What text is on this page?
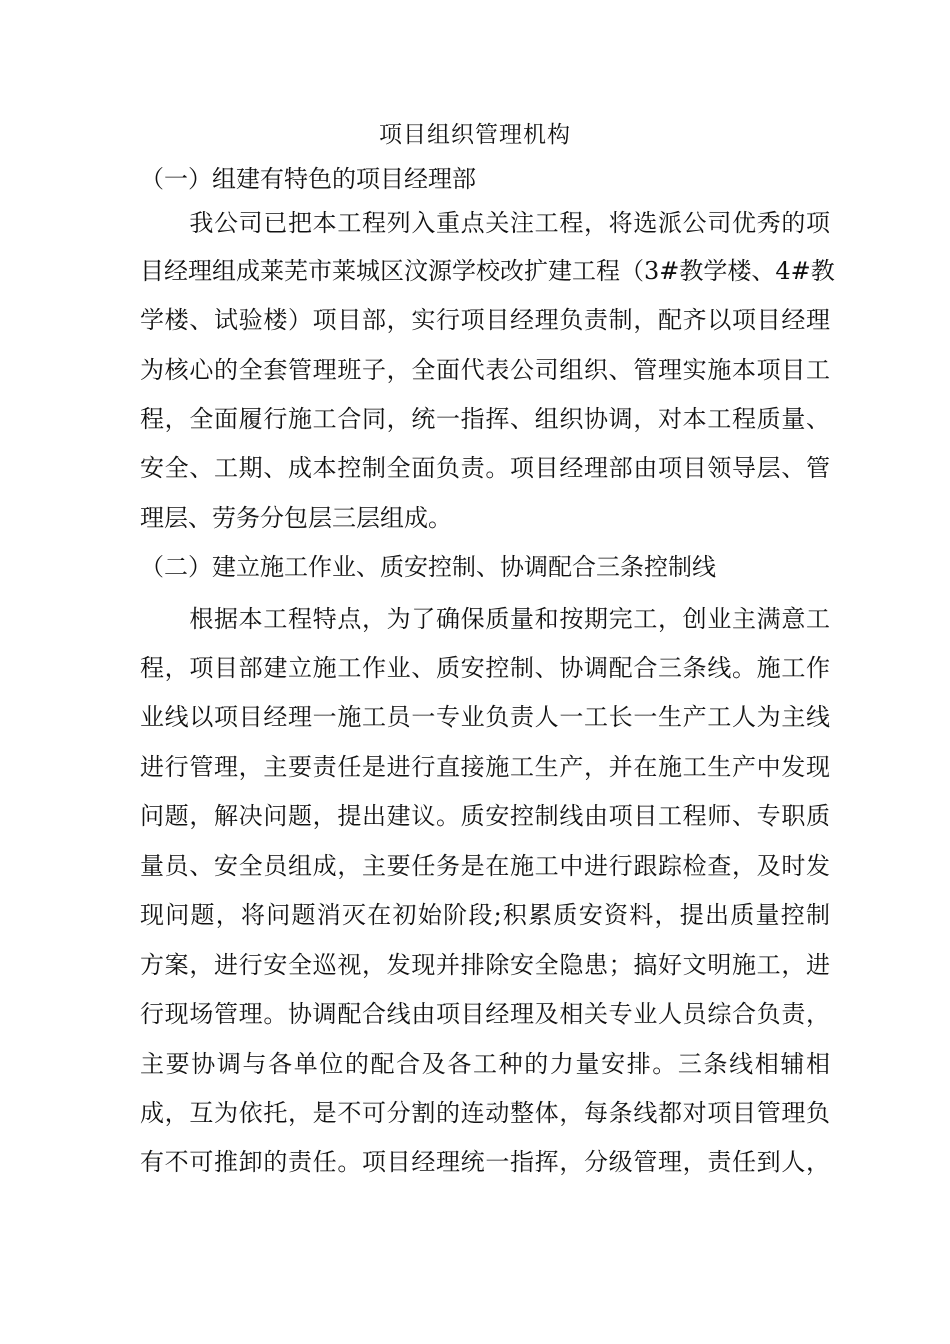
项目组织管理机构
（一）组建有特色的项目经理部
　　我公司已把本工程列入重点关注工程，将选派公司优秀的项
目经理组成莱芜市莱城区汶源学校改扩建工程（3#教学楼、4#教
学楼、试验楼）项目部，实行项目经理负责制，配齐以项目经理
为核心的全套管理班子，全面代表公司组织、管理实施本项目工
程，全面履行施工合同，统一指挥、组织协调，对本工程质量、
安全、工期、成本控制全面负责。项目经理部由项目领导层、管
理层、劳务分包层三层组成。
（二）建立施工作业、质安控制、协调配合三条控制线
　　根据本工程特点，为了确保质量和按期完工，创业主满意工
程，项目部建立施工作业、质安控制、协调配合三条线。施工作
业线以项目经理一施工员一专业负责人一工长一生产工人为主线
进行管理，主要责任是进行直接施工生产，并在施工生产中发现
问题，解决问题，提出建议。质安控制线由项目工程师、专职质
量员、安全员组成，主要任务是在施工中进行跟踪检查，及时发
现问题，将问题消灭在初始阶段;积累质安资料，提出质量控制
方案，进行安全巡视，发现并排除安全隐患；搞好文明施工，进
行现场管理。协调配合线由项目经理及相关专业人员综合负责，
主要协调与各单位的配合及各工种的力量安排。三条线相辅相
成，互为依托，是不可分割的连动整体，每条线都对项目管理负
有不可推卸的责任。项目经理统一指挥，分级管理，责任到人，
